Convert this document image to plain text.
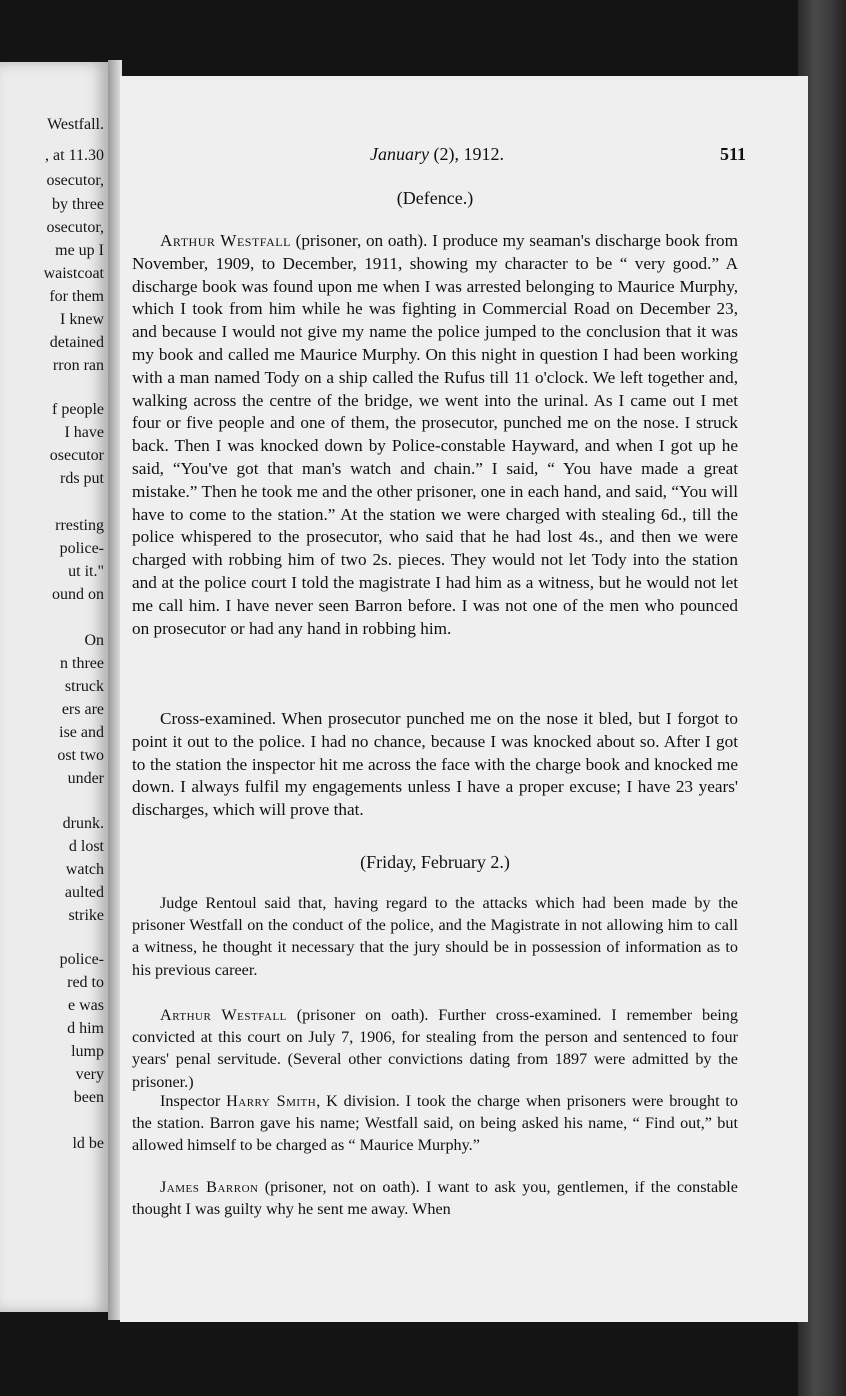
Westfall.
, at 11.30
osecutor,
by three
osecutor,
me up I
waistcoat
for them
I knew
detained
rron ran
f people
I have
osecutor
rds put
rresting
police-
ut it."
ound on
On
n three
struck
ers are
ise and
ost two
under
drunk.
d lost
watch
aulted
strike
police-
red to
e was
d him
lump
very
been
ld be
January (2), 1912.	511
(Defence.)

Arthur Westfall (prisoner, on oath). I produce my seaman's discharge book from November, 1909, to December, 1911, showing my character to be “ very good.” A discharge book was found upon me when I was arrested belonging to Maurice Murphy, which I took from him while he was fighting in Commercial Road on December 23, and because I would not give my name the police jumped to the conclusion that it was my book and called me Maurice Murphy. On this night in question I had been working with a man named Tody on a ship called the Rufus till 11 o'clock. We left together and, walking across the centre of the bridge, we went into the urinal. As I came out I met four or five people and one of them, the prosecutor, punched me on the nose. I struck back. Then I was knocked down by Police-constable Hayward, and when I got up he said, “You've got that man's watch and chain.” I said, “ You have made a great mistake.” Then he took me and the other prisoner, one in each hand, and said, “You will have to come to the station.” At the station we were charged with stealing 6d., till the police whispered to the prosecutor, who said that he had lost 4s., and then we were charged with robbing him of two 2s. pieces. They would not let Tody into the station and at the police court I told the magistrate I had him as a witness, but he would not let me call him. I have never seen Barron before. I was not one of the men who pounced on prosecutor or had any hand in robbing him.

Cross-examined. When prosecutor punched me on the nose it bled, but I forgot to point it out to the police. I had no chance, because I was knocked about so. After I got to the station the inspector hit me across the face with the charge book and knocked me down. I always fulfil my engagements unless I have a proper excuse; I have 23 years' discharges, which will prove that.

(Friday, February 2.)

Judge Rentoul said that, having regard to the attacks which had been made by the prisoner Westfall on the conduct of the police, and the Magistrate in not allowing him to call a witness, he thought it necessary that the jury should be in possession of information as to his previous career.

Arthur Westfall (prisoner on oath). Further cross-examined. I remember being convicted at this court on July 7, 1906, for stealing from the person and sentenced to four years' penal servitude. (Several other convictions dating from 1897 were admitted by the prisoner.)

Inspector Harry Smith, K division. I took the charge when prisoners were brought to the station. Barron gave his name; Westfall said, on being asked his name, “ Find out,” but allowed himself to be charged as “ Maurice Murphy.”

James Barron (prisoner, not on oath). I want to ask you, gentlemen, if the constable thought I was guilty why he sent me away. When
